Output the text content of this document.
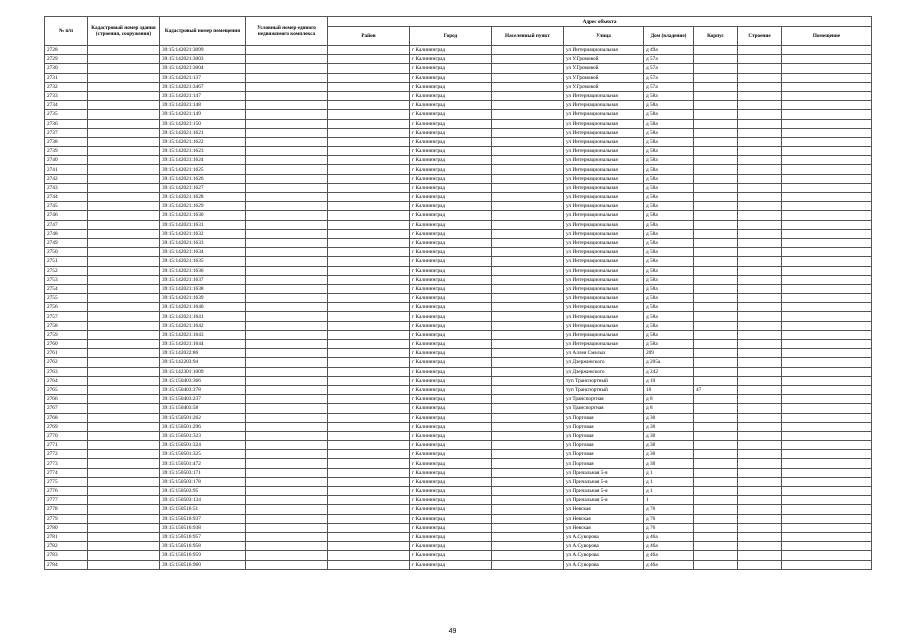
№ п/п	Кадастровый номер здания (строения, сооружения)	Кадастровый номер помещения	Условный номер единого недвижимого комплекса	Адрес объекта							
				Район	Город	Населенный пункт	Улица	Дом (владение)	Корпус	Строение	Помещение
2728		39:15:142021:3099			г Калининград		ул Интернациональная	д 49а			
2729		39:15:142021:3003			г Калининград		ул У.Громовой	д 57а			
2730		39:15:142021:3004			г Калининград		ул У.Громовой	д 57а			
2731		39:15:142021:137			г Калининград		ул У.Громовой	д 57а			
2732		39:15:142021:3467			г Калининград		ул У.Громовой	д 57а			
2733		39:15:142021:147			г Калининград		ул Интернациональная	д 58а			
2734		39:15:142021:148			г Калининград		ул Интернациональная	д 58а			
2735		39:15:142021:149			г Калининград		ул Интернациональная	д 58а			
2736		39:15:142021:150			г Калининград		ул Интернациональная	д 58а			
2737		39:15:142021:1621			г Калининград		ул Интернациональная	д 58а			
2738		39:15:142021:1622			г Калининград		ул Интернациональная	д 58а			
2739		39:15:142021:1623			г Калининград		ул Интернациональная	д 58а			
2740		39:15:142021:1624			г Калининград		ул Интернациональная	д 58а			
2741		39:15:142021:1625			г Калининград		ул Интернациональная	д 58а			
2742		39:15:142021:1626			г Калининград		ул Интернациональная	д 58а			
2743		39:15:142021:1627			г Калининград		ул Интернациональная	д 58а			
2744		39:15:142021:1628			г Калининград		ул Интернациональная	д 58а			
2745		39:15:142021:1629			г Калининград		ул Интернациональная	д 58а			
2746		39:15:142021:1630			г Калининград		ул Интернациональная	д 58а			
2747		39:15:142021:1631			г Калининград		ул Интернациональная	д 58а			
2748		39:15:142021:1632			г Калининград		ул Интернациональная	д 58а			
2749		39:15:142021:1633			г Калининград		ул Интернациональная	д 58а			
2750		39:15:142021:1634			г Калининград		ул Интернациональная	д 58а			
2751		39:15:142021:1635			г Калининград		ул Интернациональная	д 58а			
2752		39:15:142021:1636			г Калининград		ул Интернациональная	д 58а			
2753		39:15:142021:1637			г Калининград		ул Интернациональная	д 58а			
2754		39:15:142021:1638			г Калининград		ул Интернациональная	д 58а			
2755		39:15:142021:1639			г Калининград		ул Интернациональная	д 58а			
2756		39:15:142021:1640			г Калининград		ул Интернациональная	д 58а			
2757		39:15:142021:1641			г Калининград		ул Интернациональная	д 58а			
2758		39:15:142021:1642			г Калининград		ул Интернациональная	д 58а			
2759		39:15:142021:1643			г Калининград		ул Интернациональная	д 58а			
2760		39:15:142021:1644			г Калининград		ул Интернациональная	д 58а			
2761		39:15:142022:86			г Калининград		ул Аллея Смелых	209			
2762		39:15:142203:94			г Калининград		ул Дзержинского	д 205а			
2763		39:15:142301:1009			г Калининград		ул Дзержинского	д 242			
2764		39:15:150403:366			г Калининград		туп Транспортный	д 10			
2765		39:15:150403:378			г Калининград		туп Транспортный	10	47		
2766		39:15:150403:237			г Калининград		ул Транспортная	д 8			
2767		39:15:150403:58			г Калининград		ул Транспортная	д 8			
2768		39:15:150501:262			г Калининград		ул Портовая	д 30			
2769		39:15:150501:296			г Калининград		ул Портовая	д 30			
2770		39:15:150501:323			г Калининград		ул Портовая	д 30			
2771		39:15:150501:324			г Калининград		ул Портовая	д 30			
2772		39:15:150501:325			г Калининград		ул Портовая	д 30			
2773		39:15:150501:472			г Калининград		ул Портовая	д 30			
2774		39:15:150503:171			г Калининград		ул Причальная 5-я	д 1			
2775		39:15:150503:178			г Калининград		ул Причальная 5-я	д 1			
2776		39:15:150503:95			г Калининград		ул Причальная 5-я	д 1			
2777		39:15:150503:134			г Калининград		ул Причальная 5-я	1			
2778		39:15:150516:51			г Калининград		ул Невская	д 76			
2779		39:15:150516:937			г Калининград		ул Невская	д 76			
2780		39:15:150516:938			г Калининград		ул Невская	д 76			
2781		39:15:150516:957			г Калининград		ул А.Суворова	д 46а			
2782		39:15:150516:958			г Калининград		ул А.Суворова	д 46а			
2783		39:15:150516:959			г Калининград		ул А.Суворова	д 46а			
2784		39:15:150516:960			г Калининград		ул А.Суворова	д 46а			
49
